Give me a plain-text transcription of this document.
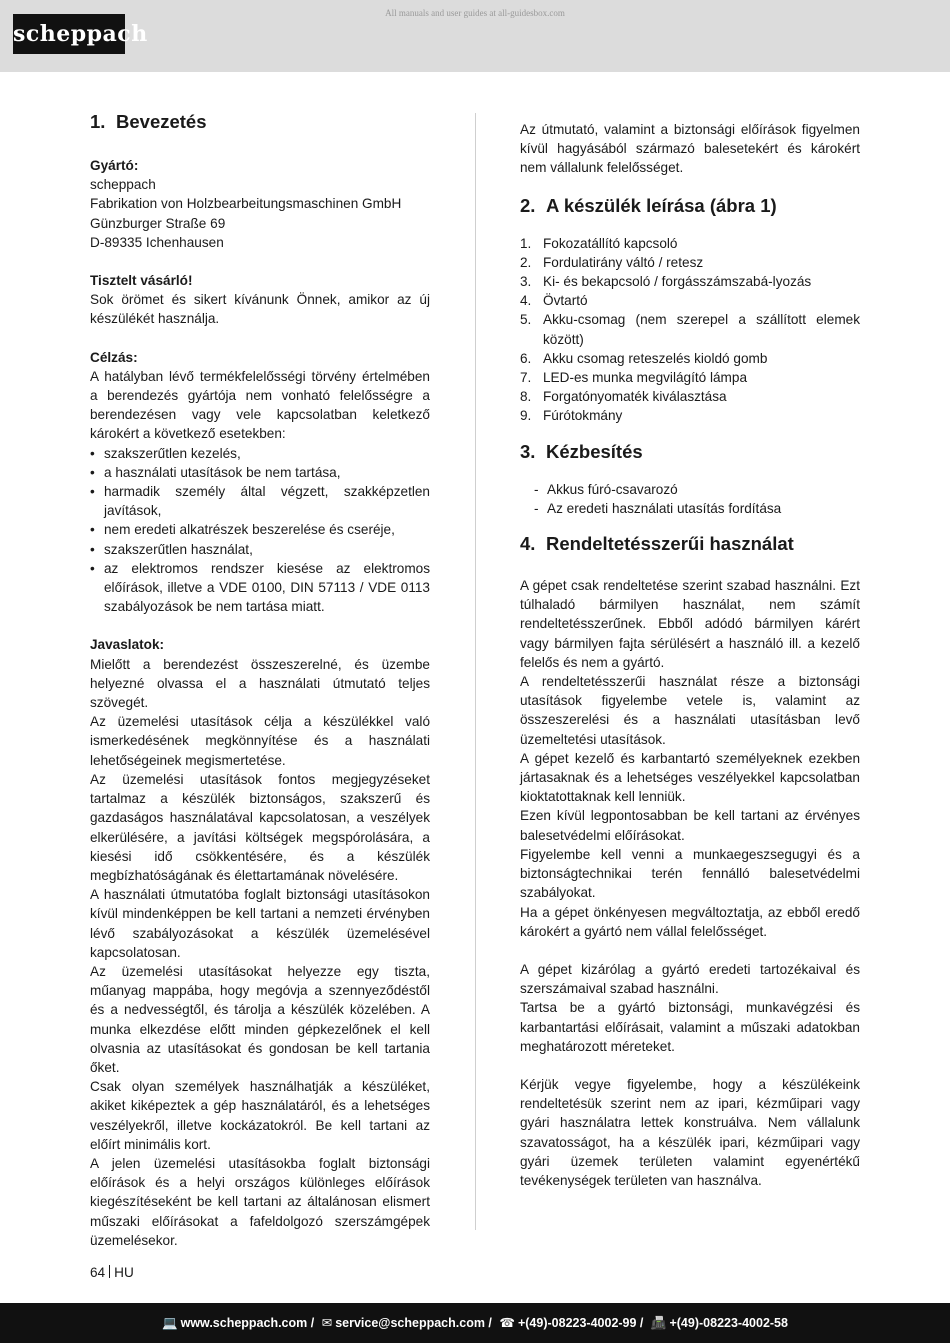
scheppach
All manuals and user guides at all-guidesbox.com
1. Bevezetés

Gyártó:

scheppach

Fabrikation von Holzbearbeitungsmaschinen GmbH

Günzburger Straße 69

D-89335 Ichenhausen

Tisztelt vásárló!

Sok örömet és sikert kívánunk Önnek, amikor az új készülékét használja.

Célzás:

A hatályban lévő termékfelelősségi törvény értelmében a berendezés gyártója nem vonható felelősségre a berendezésen vagy vele kapcsolatban keletkező károkért a következő esetekben:

• szakszerűtlen kezelés,
• a használati utasítások be nem tartása,
• harmadik személy által végzett, szakképzetlen javítások,
• nem eredeti alkatrészek beszerelése és cseréje,
• szakszerűtlen használat,
• az elektromos rendszer kiesése az elektromos előírások, illetve a VDE 0100, DIN 57113 / VDE 0113 szabályozások be nem tartása miatt.

Javaslatok:

Mielőtt a berendezést összeszerelné, és üzembe helyezné olvassa el a használati útmutató teljes szövegét.

Az üzemelési utasítások célja a készülékkel való ismerkedésének megkönnyítése és a használati lehetőségeinek megismertetése.

Az üzemelési utasítások fontos megjegyzéseket tartalmaz a készülék biztonságos, szakszerű és gazdaságos használatával kapcsolatosan, a veszélyek elkerülésére, a javítási költségek megspórolására, a kiesési idő csökkentésére, és a készülék megbízhatóságának és élettartamának növelésére.

A használati útmutatóba foglalt biztonsági utasításokon kívül mindenképpen be kell tartani a nemzeti érvényben lévő szabályozásokat a készülék üzemelésével kapcsolatosan.

Az üzemelési utasításokat helyezze egy tiszta, műanyag mappába, hogy megóvja a szennyeződéstől és a nedvességtől, és tárolja a készülék közelében. A munka elkezdése előtt minden gépkezelőnek el kell olvasnia az utasításokat és gondosan be kell tartania őket.

Csak olyan személyek használhatják a készüléket, akiket kiképeztek a gép használatáról, és a lehetséges veszélyekről, illetve kockázatokról. Be kell tartani az előírt minimális kort.

A jelen üzemelési utasításokba foglalt biztonsági előírások és a helyi országos különleges előírások kiegészítéseként be kell tartani az általánosan elismert műszaki előírásokat a fafeldolgozó szerszámgépek üzemelésekor.

Az útmutató, valamint a biztonsági előírások figyelmen kívül hagyásából származó balesetekért és károkért nem vállalunk felelősséget.

2. A készülék leírása (ábra 1)
1. Fokozatállító kapcsoló
2. Fordulatirány váltó / retesz
3. Ki- és bekapcsoló / forgásszámszabá-lyozás
4. Övtartó
5. Akku-csomag (nem szerepel a szállított elemek között)
6. Akku csomag reteszelés kioldó gomb
7. LED-es munka megvilágító lámpa
8. Forgatónyomaték kiválasztása
9. Fúrótokmány
3. Kézbesítés
- Akkus fúró-csavarozó
- Az eredeti használati utasítás fordítása
4. Rendeltetésszerűi használat

A gépet csak rendeltetése szerint szabad használni. Ezt túlhaladó bármilyen használat, nem számít rendeltetésszerűnek. Ebből adódó bármilyen kárért vagy bármilyen fajta sérülésért a használó ill. a kezelő felelős és nem a gyártó.

A rendeltetésszerűi használat része a biztonsági utasítások figyelembe vetele is, valamint az összeszerelési és a használati utasításban levő üzemeltetési utasítások.

A gépet kezelő és karbantartó személyeknek ezekben jártasaknak és a lehetséges veszélyekkel kapcsolatban kioktatottaknak kell lenniük.

Ezen kívül legpontosabban be kell tartani az érvényes balesetvédelmi előírásokat.

Figyelembe kell venni a munkaegeszsegugyi és a biztonságtechnikai terén fennálló balesetvédelmi szabályokat.

Ha a gépet önkényesen megváltoztatja, az ebből eredő károkért a gyártó nem vállal felelősséget.

A gépet kizárólag a gyártó eredeti tartozékaival és szerszámaival szabad használni.

Tartsa be a gyártó biztonsági, munkavégzési és karbantartási előírásait, valamint a műszaki adatokban meghatározott méreteket.

Kérjük vegye figyelembe, hogy a készülékeink rendeltetésük szerint nem az ipari, kézműipari vagy gyári használatra lettek konstruálva. Nem vállalunk szavatosságot, ha a készülék ipari, kézműipari vagy gyári üzemek területen valamint egyenértékű tevékenységek területen van használva.

64 HU
💻 www.scheppach.com / ✉ service@scheppach.com / ☎ +(49)-08223-4002-99 / 📠 +(49)-08223-4002-58
